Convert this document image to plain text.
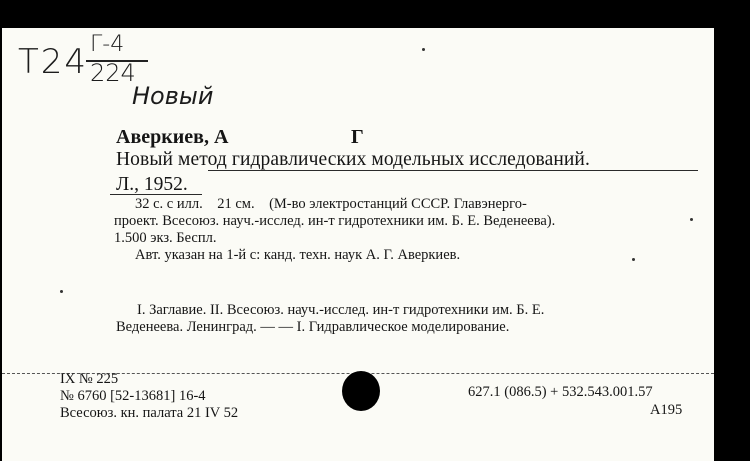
Т24 Г-4
224
Новый
Аверкиев, А	Г
Новый метод гидравлических модельных исследований.
Л., 1952.
32 с. с илл.    21 см.    (М-во электростанций СССР. Главэнерго-
проект. Всесоюз. науч.-исслед. ин-т гидротехники им. Б. Е. Веденеева).
1.500 экз. Беспл.
Авт. указан на 1-й с: канд. техн. наук А. Г. Аверкиев.
I. Заглавие. II. Всесоюз. науч.-исслед. ин-т гидротехники им. Б. Е.
Веденеева. Ленинград. — — I. Гидравлическое моделирование.
IX № 225
№ 6760 [52-13681] 16-4
Всесоюз. кн. палата 21 IV 52
627.1 (086.5) + 532.543.001.57
А195
